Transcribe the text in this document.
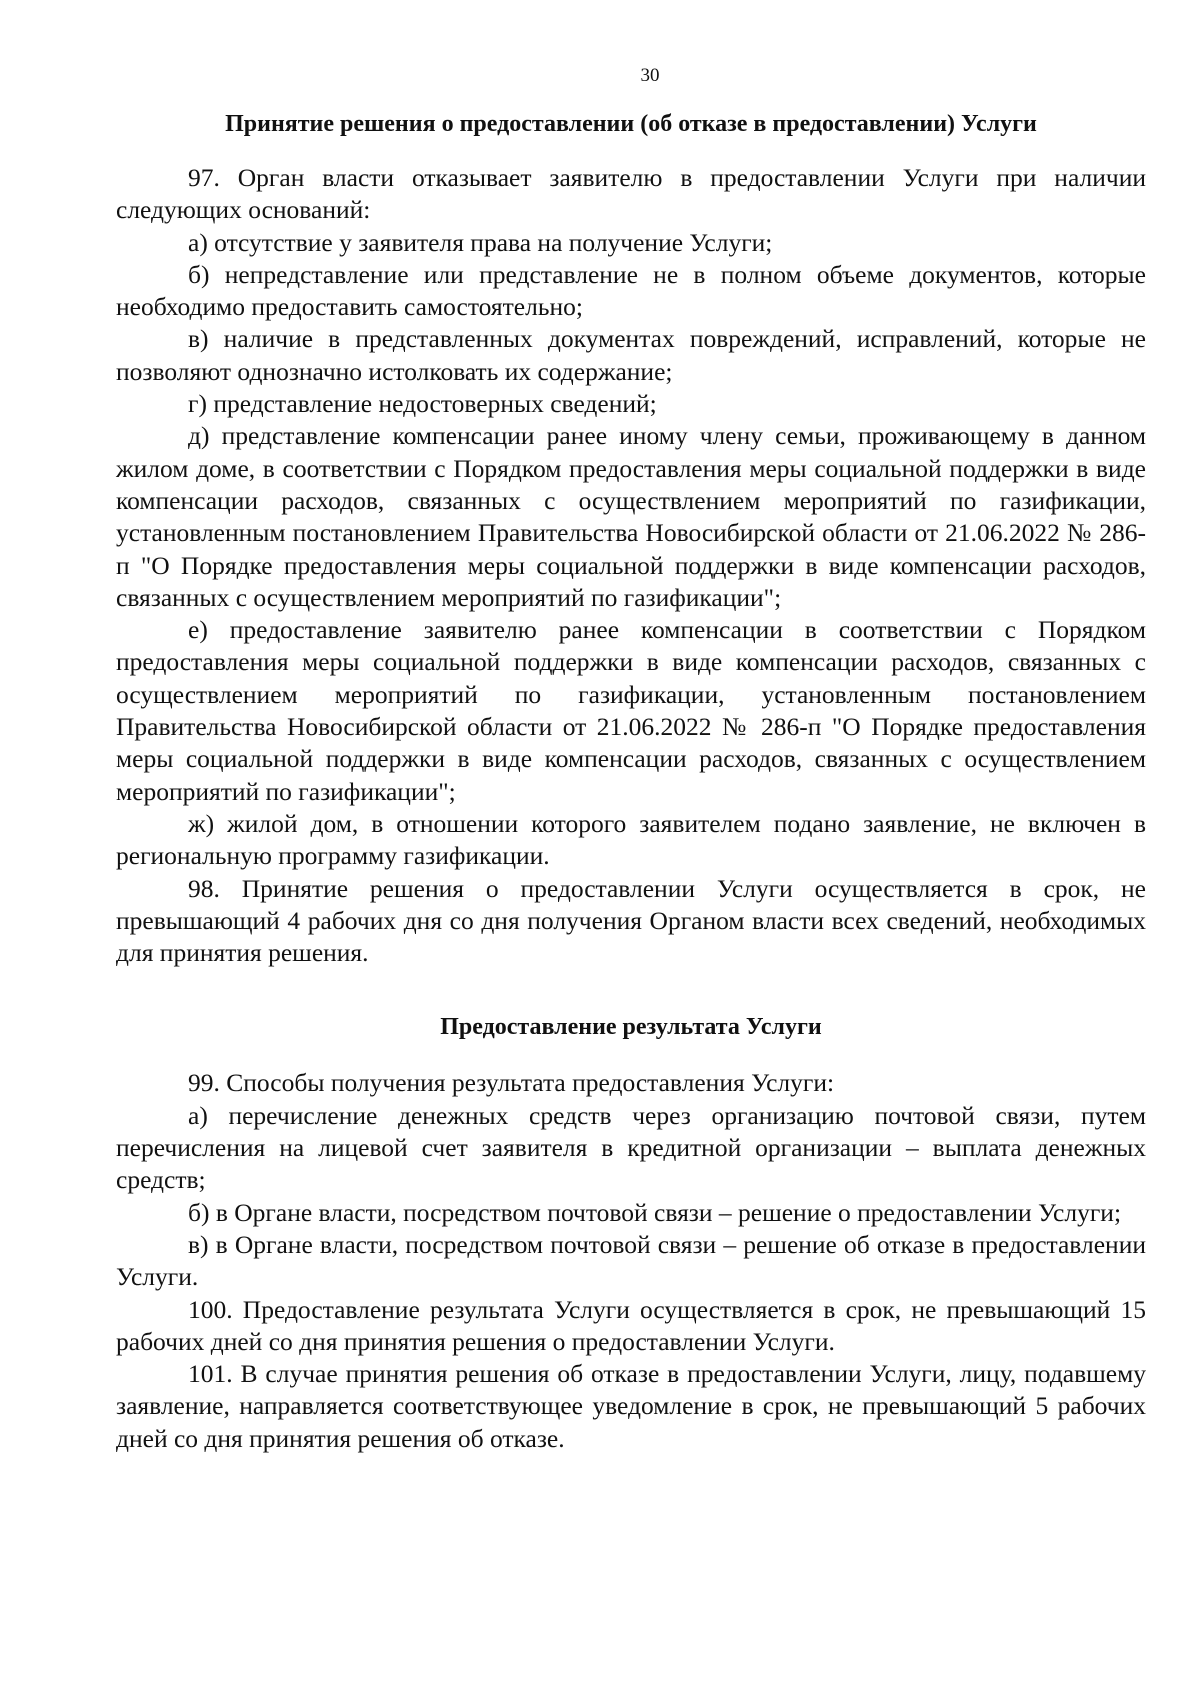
30
Принятие решения о предоставлении (об отказе в предоставлении) Услуги

97. Орган власти отказывает заявителю в предоставлении Услуги при наличии следующих оснований:

а) отсутствие у заявителя права на получение Услуги;

б) непредставление или представление не в полном объеме документов, которые необходимо предоставить самостоятельно;

в) наличие в представленных документах повреждений, исправлений, которые не позволяют однозначно истолковать их содержание;

г) представление недостоверных сведений;

д) представление компенсации ранее иному члену семьи, проживающему в данном жилом доме, в соответствии с Порядком предоставления меры социальной поддержки в виде компенсации расходов, связанных с осуществлением мероприятий по газификации, установленным постановлением Правительства Новосибирской области от 21.06.2022 № 286-п "О Порядке предоставления меры социальной поддержки в виде компенсации расходов, связанных с осуществлением мероприятий по газификации";

е) предоставление заявителю ранее компенсации в соответствии с Порядком предоставления меры социальной поддержки в виде компенсации расходов, связанных с осуществлением мероприятий по газификации, установленным постановлением Правительства Новосибирской области от 21.06.2022 № 286-п "О Порядке предоставления меры социальной поддержки в виде компенсации расходов, связанных с осуществлением мероприятий по газификации";

ж) жилой дом, в отношении которого заявителем подано заявление, не включен в региональную программу газификации.

98. Принятие решения о предоставлении Услуги осуществляется в срок, не превышающий 4 рабочих дня со дня получения Органом власти всех сведений, необходимых для принятия решения.

Предоставление результата Услуги

99. Способы получения результата предоставления Услуги:

а) перечисление денежных средств через организацию почтовой связи, путем перечисления на лицевой счет заявителя в кредитной организации – выплата денежных средств;

б) в Органе власти, посредством почтовой связи – решение о предоставлении Услуги;

в) в Органе власти, посредством почтовой связи – решение об отказе в предоставлении Услуги.

100. Предоставление результата Услуги осуществляется в срок, не превышающий 15 рабочих дней со дня принятия решения о предоставлении Услуги.

101. В случае принятия решения об отказе в предоставлении Услуги, лицу, подавшему заявление, направляется соответствующее уведомление в срок, не превышающий 5 рабочих дней со дня принятия решения об отказе.
